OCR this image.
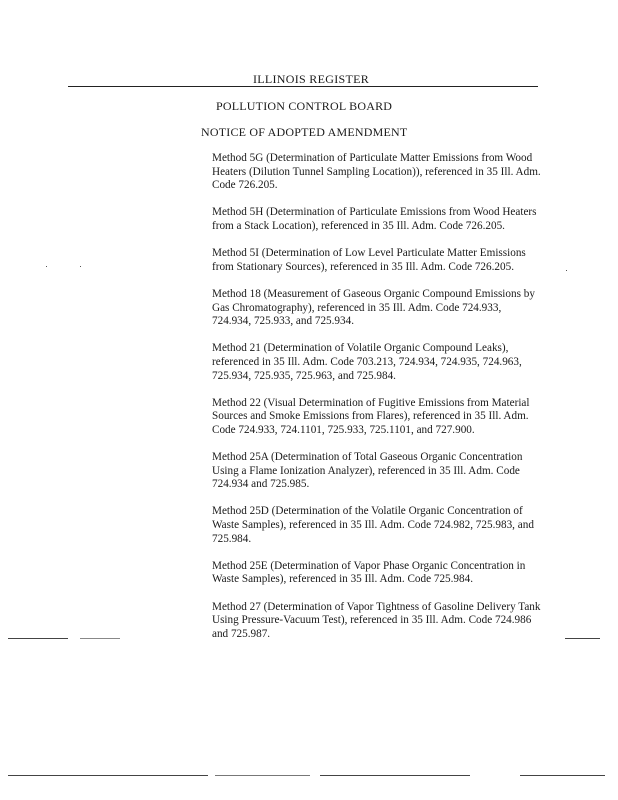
ILLINOIS REGISTER
POLLUTION CONTROL BOARD
NOTICE OF ADOPTED AMENDMENT
Method 5G (Determination of Particulate Matter Emissions from Wood Heaters (Dilution Tunnel Sampling Location)), referenced in 35 Ill. Adm. Code 726.205.
Method 5H (Determination of Particulate Emissions from Wood Heaters from a Stack Location), referenced in 35 Ill. Adm. Code 726.205.
Method 5I (Determination of Low Level Particulate Matter Emissions from Stationary Sources), referenced in 35 Ill. Adm. Code 726.205.
Method 18 (Measurement of Gaseous Organic Compound Emissions by Gas Chromatography), referenced in 35 Ill. Adm. Code 724.933, 724.934, 725.933, and 725.934.
Method 21 (Determination of Volatile Organic Compound Leaks), referenced in 35 Ill. Adm. Code 703.213, 724.934, 724.935, 724.963, 725.934, 725.935, 725.963, and 725.984.
Method 22 (Visual Determination of Fugitive Emissions from Material Sources and Smoke Emissions from Flares), referenced in 35 Ill. Adm. Code 724.933, 724.1101, 725.933, 725.1101, and 727.900.
Method 25A (Determination of Total Gaseous Organic Concentration Using a Flame Ionization Analyzer), referenced in 35 Ill. Adm. Code 724.934 and 725.985.
Method 25D (Determination of the Volatile Organic Concentration of Waste Samples), referenced in 35 Ill. Adm. Code 724.982, 725.983, and 725.984.
Method 25E (Determination of Vapor Phase Organic Concentration in Waste Samples), referenced in 35 Ill. Adm. Code 725.984.
Method 27 (Determination of Vapor Tightness of Gasoline Delivery Tank Using Pressure-Vacuum Test), referenced in 35 Ill. Adm. Code 724.986 and 725.987.
